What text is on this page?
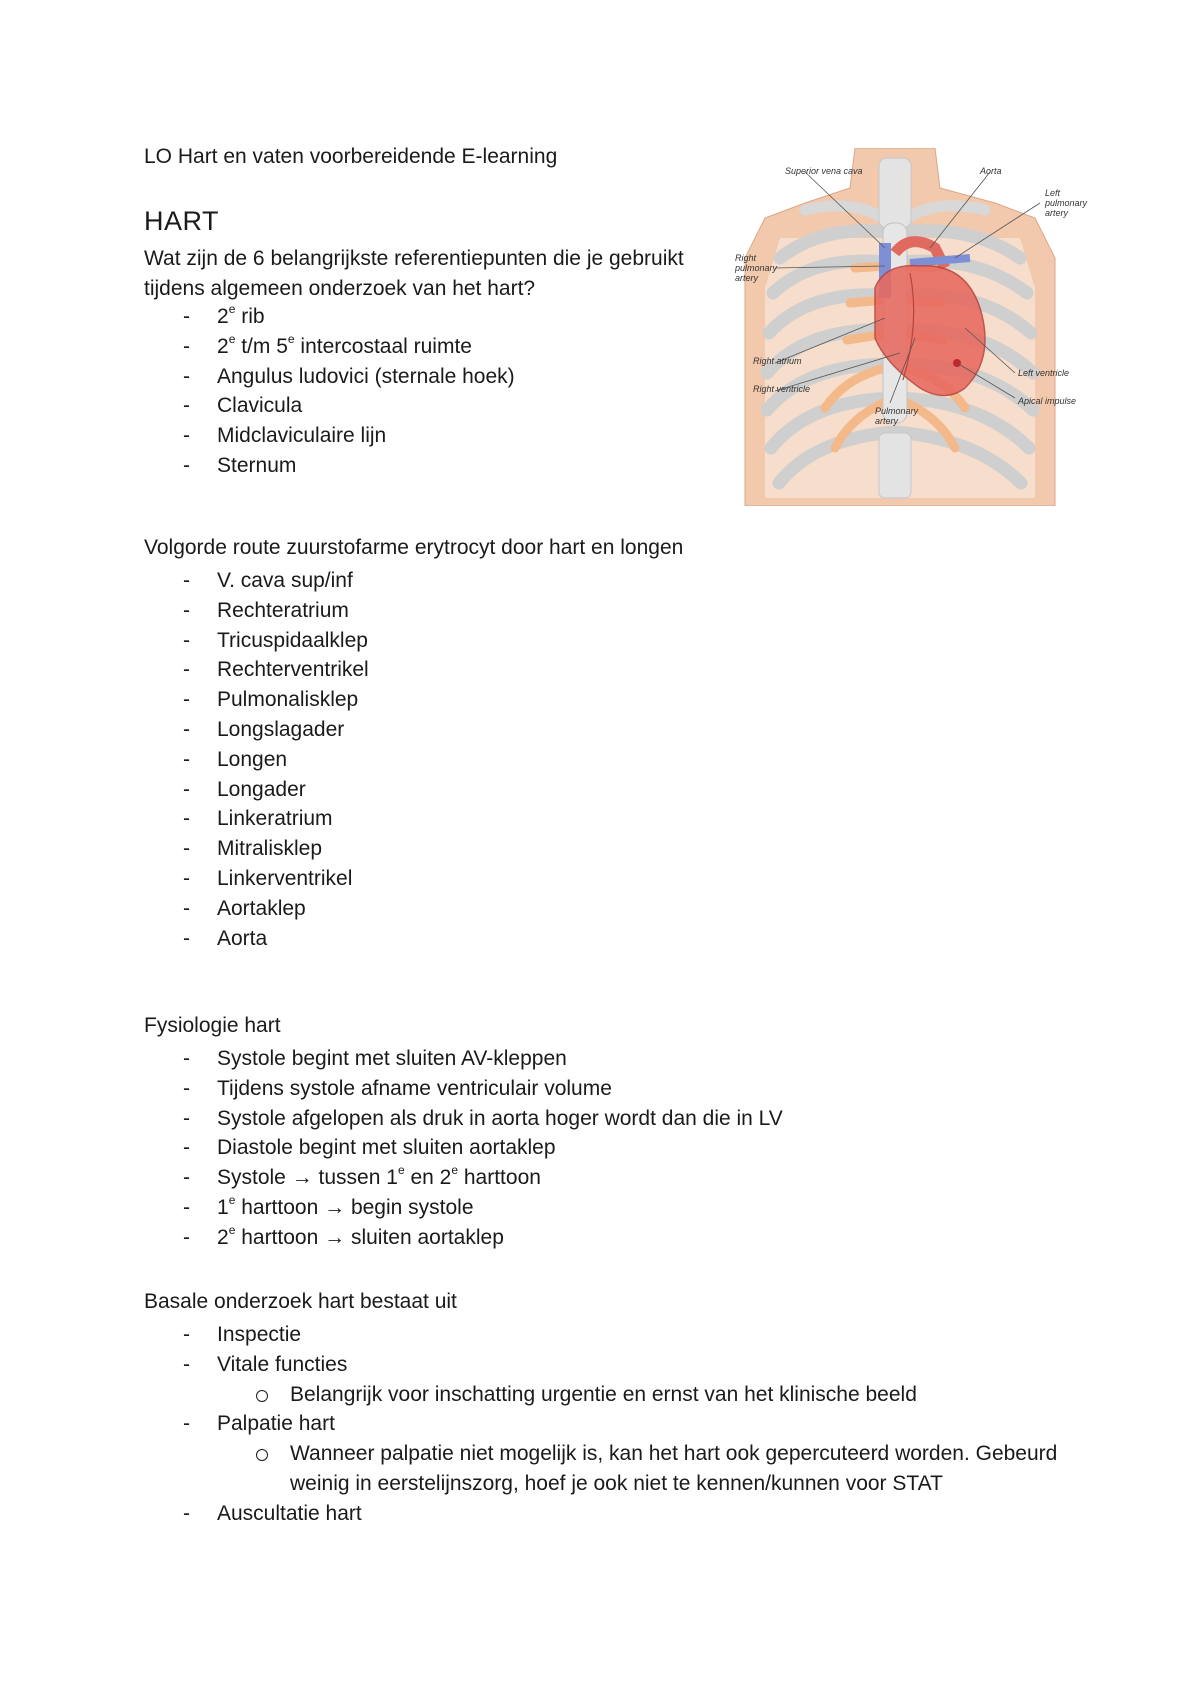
LO Hart en vaten voorbereidende E-learning
HART
Wat zijn de 6 belangrijkste referentiepunten die je gebruikt tijdens algemeen onderzoek van het hart?
- 2e rib
- 2e t/m 5e intercostaal ruimte
- Angulus ludovici (sternale hoek)
- Clavicula
- Midclaviculaire lijn
- Sternum
Superior vena cava	Aorta
Left pulmonary artery
Right pulmonary artery
Right atrium
Right ventricle
Pulmonary artery
Left ventricle
Apical impulse
Volgorde route zuurstofarme erytrocyt door hart en longen
- V. cava sup/inf
- Rechteratrium
- Tricuspidaalklep
- Rechterventrikel
- Pulmonalisklep
- Longslagader
- Longen
- Longader
- Linkeratrium
- Mitralisklep
- Linkerventrikel
- Aortaklep
- Aorta
Fysiologie hart
- Systole begint met sluiten AV-kleppen
- Tijdens systole afname ventriculair volume
- Systole afgelopen als druk in aorta hoger wordt dan die in LV
- Diastole begint met sluiten aortaklep
- Systole → tussen 1e en 2e harttoon
- 1e harttoon → begin systole
- 2e harttoon → sluiten aortaklep
Basale onderzoek hart bestaat uit
- Inspectie
- Vitale functies
Belangrijk voor inschatting urgentie en ernst van het klinische beeld
- Palpatie hart
Wanneer palpatie niet mogelijk is, kan het hart ook gepercuteerd worden. Gebeurd weinig in eerstelijnszorg, hoef je ook niet te kennen/kunnen voor STAT
- Auscultatie hart
